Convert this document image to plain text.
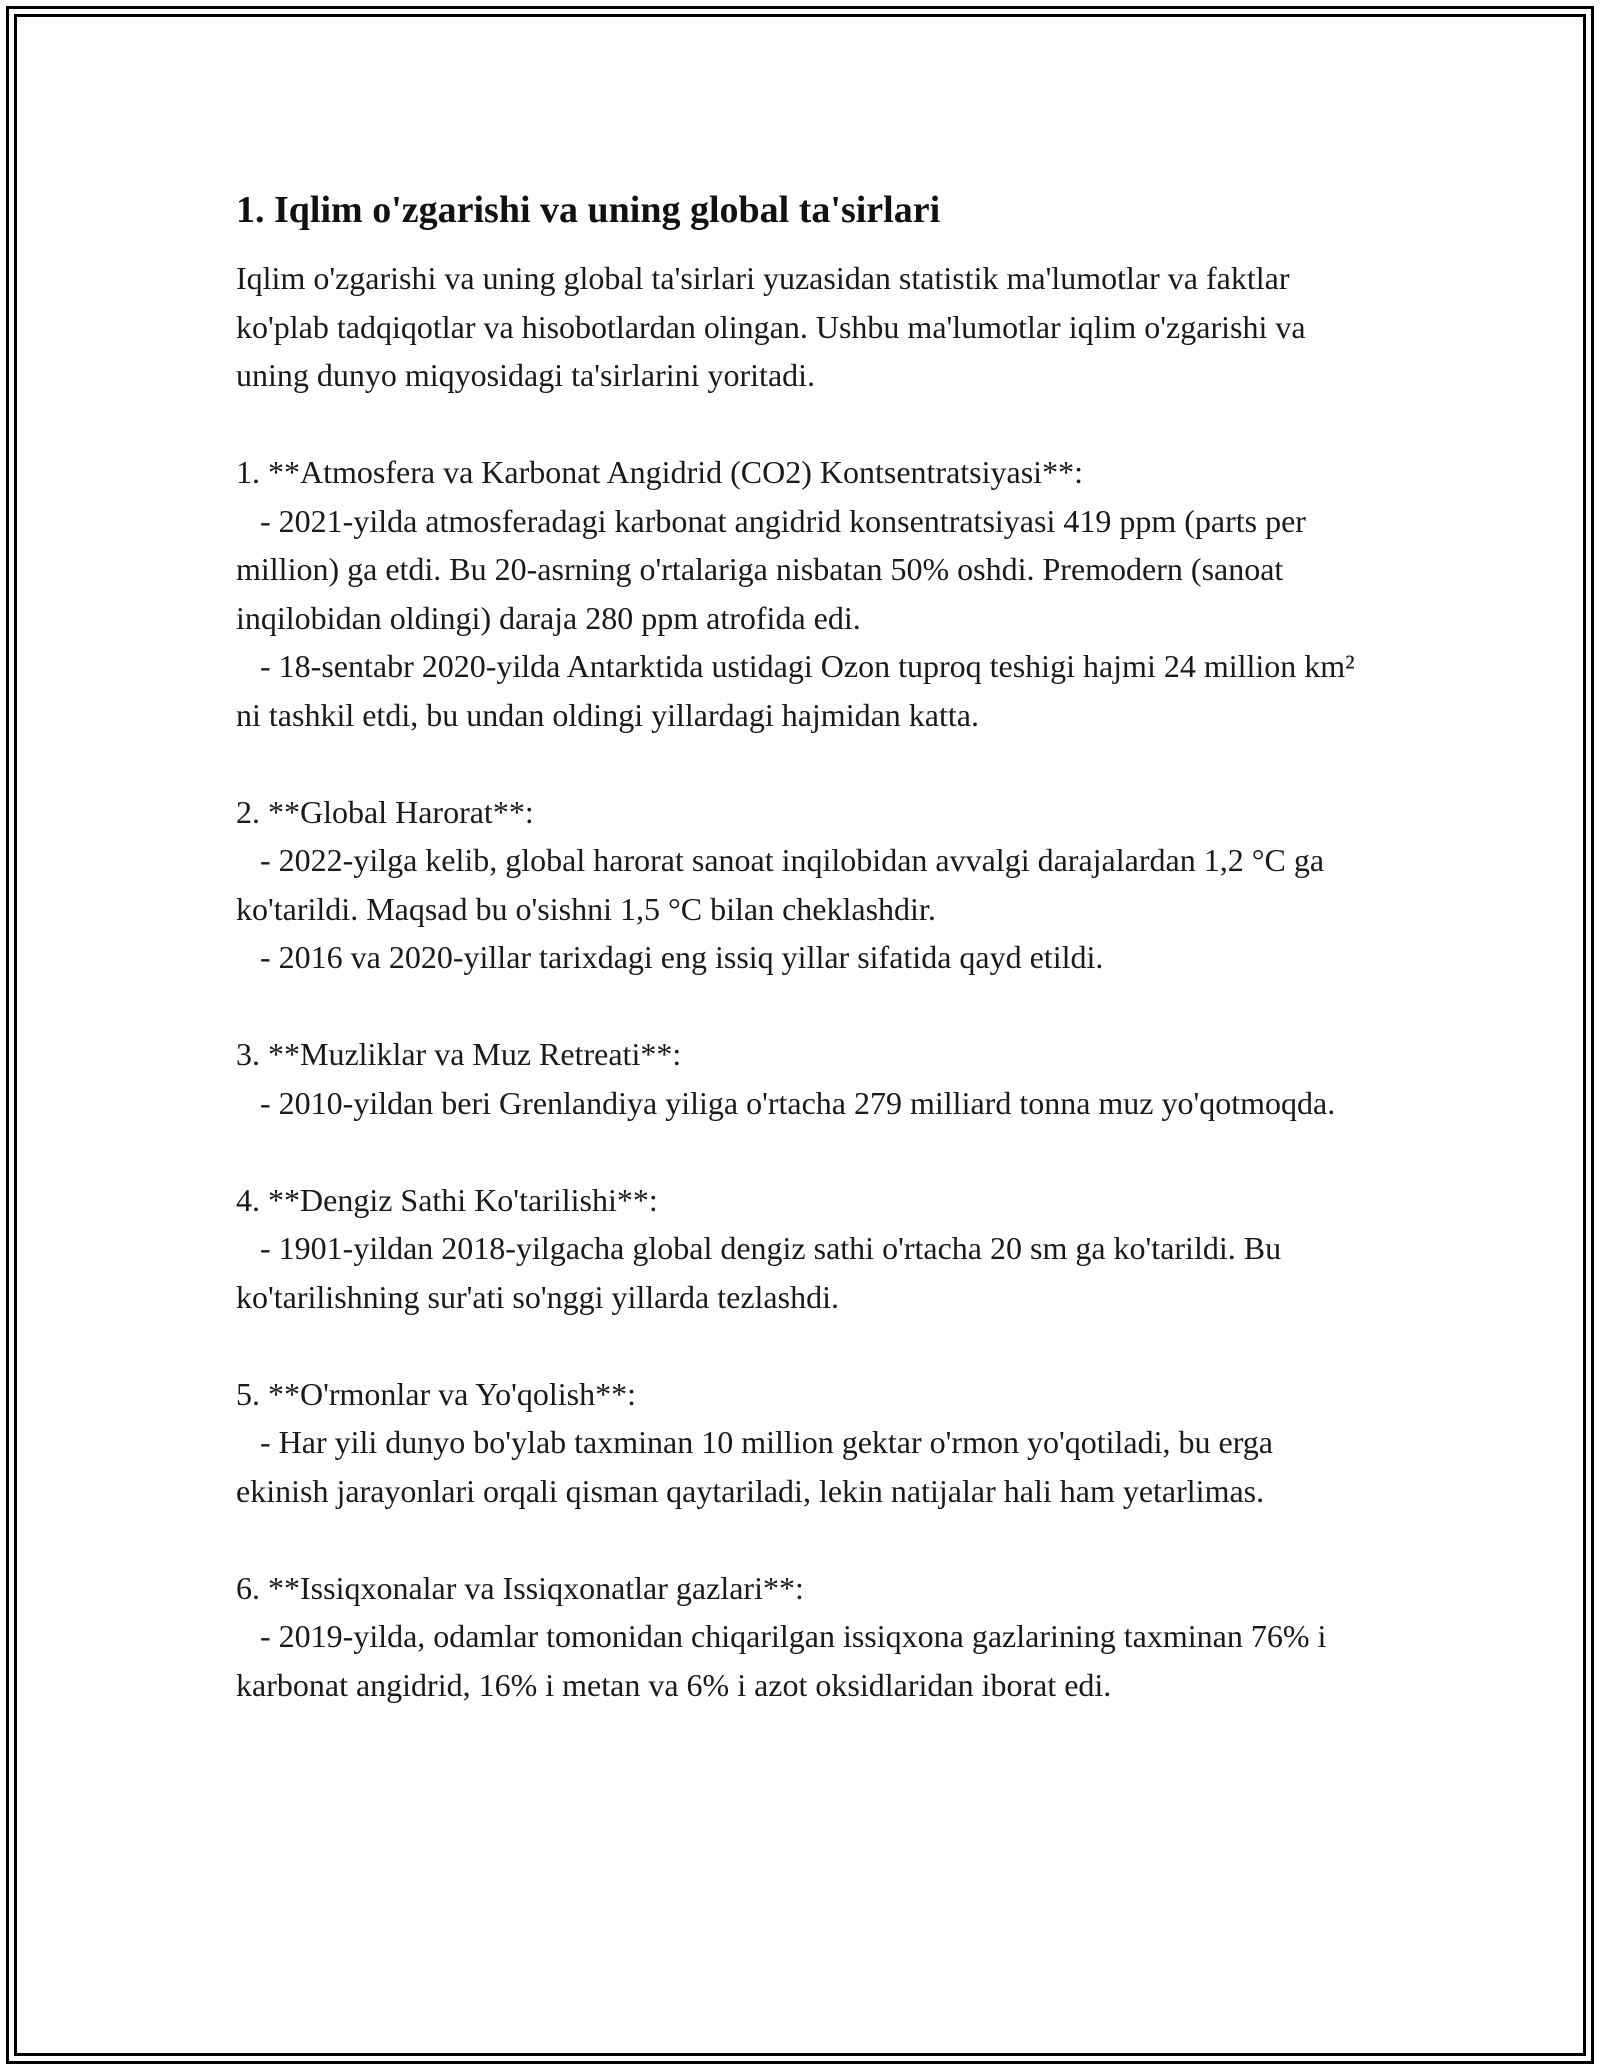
1. Iqlim o'zgarishi va uning global ta'sirlari

Iqlim o'zgarishi va uning global ta'sirlari yuzasidan statistik ma'lumotlar va faktlar ko'plab tadqiqotlar va hisobotlardan olingan. Ushbu ma'lumotlar iqlim o'zgarishi va uning dunyo miqyosidagi ta'sirlarini yoritadi.

1. **Atmosfera va Karbonat Angidrid (CO2) Kontsentratsiyasi**:

- 2021-yilda atmosferadagi karbonat angidrid konsentratsiyasi 419 ppm (parts per million) ga etdi. Bu 20-asrning o'rtalariga nisbatan 50% oshdi. Premodern (sanoat inqilobidan oldingi) daraja 280 ppm atrofida edi.

- 18-sentabr 2020-yilda Antarktida ustidagi Ozon tuproq teshigi hajmi 24 million km² ni tashkil etdi, bu undan oldingi yillardagi hajmidan katta.

2. **Global Harorat**:

- 2022-yilga kelib, global harorat sanoat inqilobidan avvalgi darajalardan 1,2 °C ga ko'tarildi. Maqsad bu o'sishni 1,5 °C bilan cheklashdir.

- 2016 va 2020-yillar tarixdagi eng issiq yillar sifatida qayd etildi.

3. **Muzliklar va Muz Retreati**:

- 2010-yildan beri Grenlandiya yiliga o'rtacha 279 milliard tonna muz yo'qotmoqda.

4. **Dengiz Sathi Ko'tarilishi**:

- 1901-yildan 2018-yilgacha global dengiz sathi o'rtacha 20 sm ga ko'tarildi. Bu ko'tarilishning sur'ati so'nggi yillarda tezlashdi.

5. **O'rmonlar va Yo'qolish**:

- Har yili dunyo bo'ylab taxminan 10 million gektar o'rmon yo'qotiladi, bu erga ekinish jarayonlari orqali qisman qaytariladi, lekin natijalar hali ham yetarlimas.

6. **Issiqxonalar va Issiqxonatlar gazlari**:

- 2019-yilda, odamlar tomonidan chiqarilgan issiqxona gazlarining taxminan 76% i karbonat angidrid, 16% i metan va 6% i azot oksidlaridan iborat edi.
